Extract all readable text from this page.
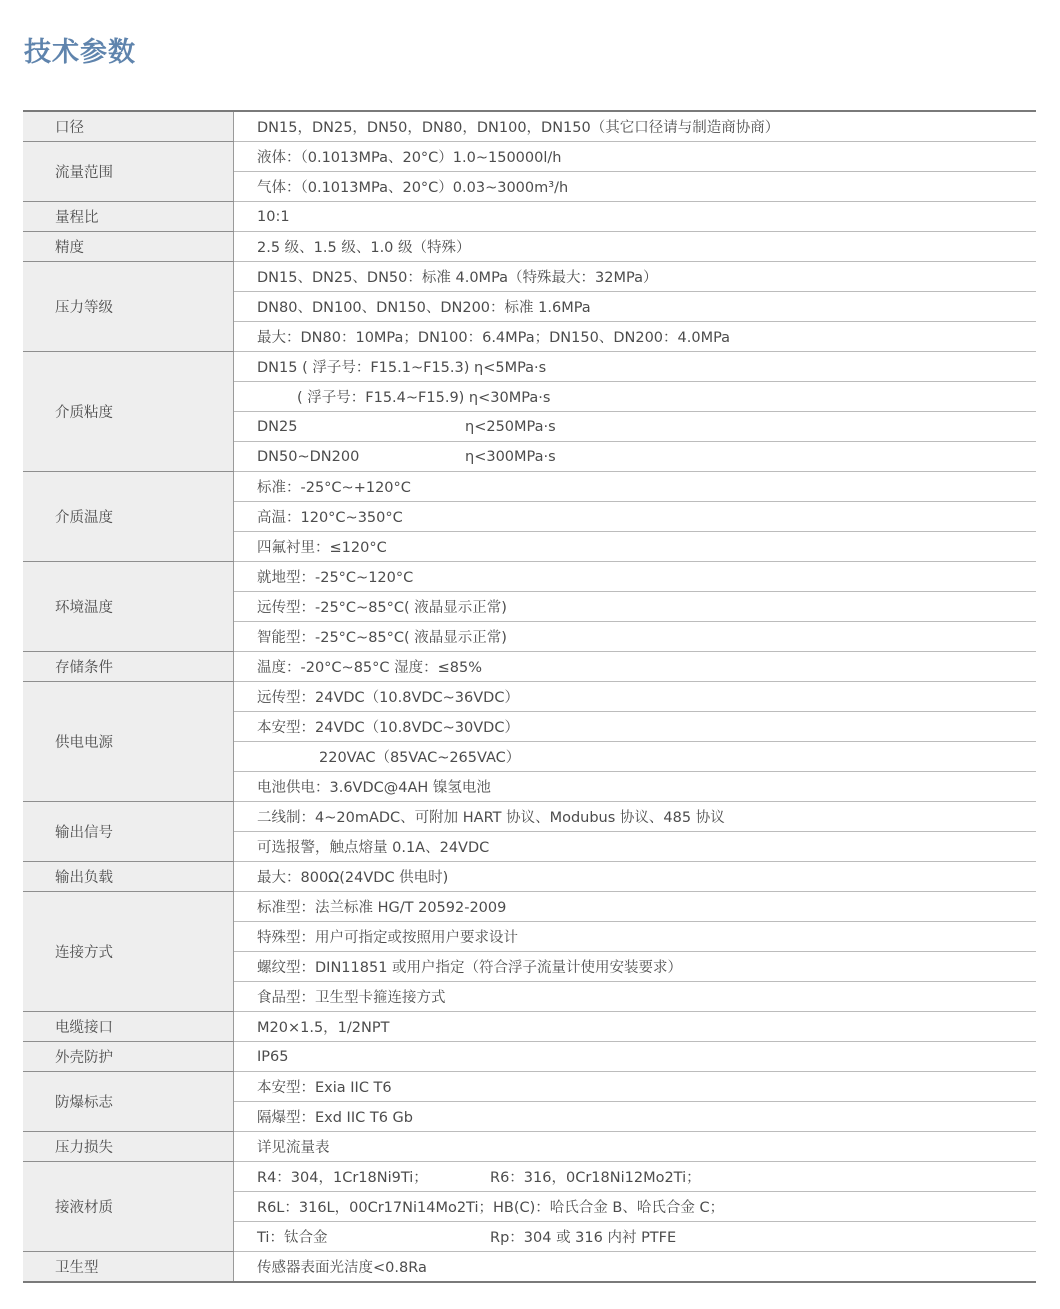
技术参数
口径	DN15，DN25，DN50，DN80，DN100，DN150（其它口径请与制造商协商）
流量范围	液体：（0.1013MPa、20°C）1.0~150000l/h
	气体：（0.1013MPa、20°C）0.03~3000m³/h
量程比	10:1
精度	2.5 级、1.5 级、1.0 级（特殊）
压力等级	DN15、DN25、DN50：标准 4.0MPa（特殊最大：32MPa）
	DN80、DN100、DN150、DN200：标准 1.6MPa
	最大：DN80：10MPa；DN100：6.4MPa；DN150、DN200：4.0MPa
介质粘度	DN15 ( 浮子号：F15.1~F15.3) η<5MPa·s
	( 浮子号：F15.4~F15.9) η<30MPa·s
	DN25 η<250MPa·s
	DN50~DN200 η<300MPa·s
介质温度	标准：-25°C~+120°C
	高温：120°C~350°C
	四氟衬里：≤120°C
环境温度	就地型：-25°C~120°C
	远传型：-25°C~85°C( 液晶显示正常)
	智能型：-25°C~85°C( 液晶显示正常)
存储条件	温度：-20°C~85°C 湿度：≤85%
供电电源	远传型：24VDC（10.8VDC~36VDC）
	本安型：24VDC（10.8VDC~30VDC）
	220VAC（85VAC~265VAC）
	电池供电：3.6VDC@4AH 镍氢电池
输出信号	二线制：4~20mADC、可附加 HART 协议、Modubus 协议、485 协议
	可选报警，触点熔量 0.1A、24VDC
输出负载	最大：800Ω(24VDC 供电时)
连接方式	标准型：法兰标准 HG/T 20592-2009
	特殊型：用户可指定或按照用户要求设计
	螺纹型：DIN11851 或用户指定（符合浮子流量计使用安装要求）
	食品型：卫生型卡箍连接方式
电缆接口	M20×1.5，1/2NPT
外壳防护	IP65
防爆标志	本安型：Exia IIC T6
	隔爆型：Exd IIC T6 Gb
压力损失	详见流量表
接液材质	R4：304，1Cr18Ni9Ti； R6：316，0Cr18Ni12Mo2Ti；
	R6L：316L，00Cr17Ni14Mo2Ti；HB(C)：哈氏合金 B、哈氏合金 C；
	Ti：钛合金 Rp：304 或 316 内衬 PTFE
卫生型	传感器表面光洁度<0.8Ra
